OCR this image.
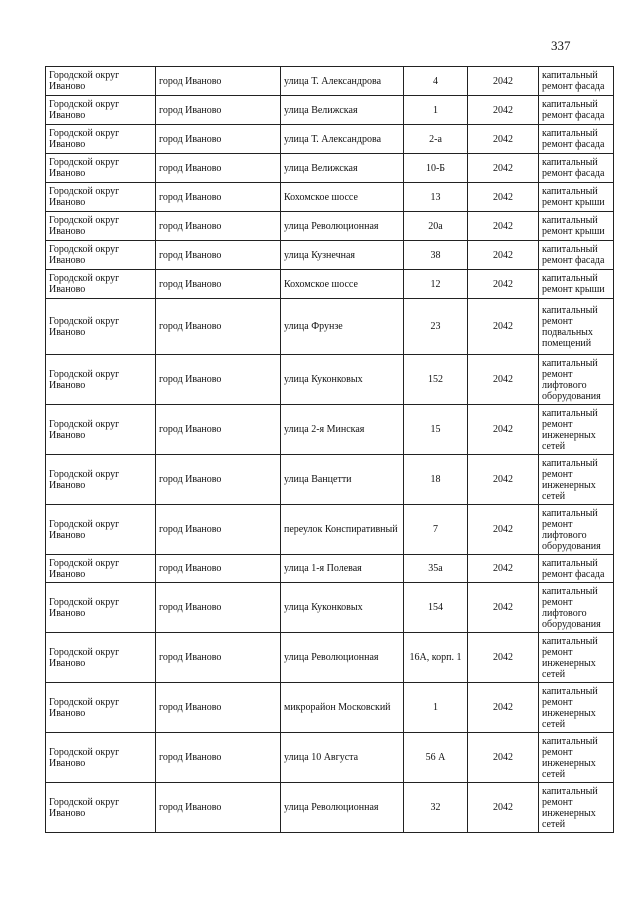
337
Городской округ Иваново	город Иваново	улица Т. Александрова	4	2042	капитальный ремонт фасада
Городской округ Иваново	город Иваново	улица Велижская	1	2042	капитальный ремонт фасада
Городской округ Иваново	город Иваново	улица Т. Александрова	2-а	2042	капитальный ремонт фасада
Городской округ Иваново	город Иваново	улица Велижская	10-Б	2042	капитальный ремонт фасада
Городской округ Иваново	город Иваново	Кохомское шоссе	13	2042	капитальный ремонт крыши
Городской округ Иваново	город Иваново	улица Революционная	20а	2042	капитальный ремонт крыши
Городской округ Иваново	город Иваново	улица Кузнечная	38	2042	капитальный ремонт фасада
Городской округ Иваново	город Иваново	Кохомское шоссе	12	2042	капитальный ремонт крыши
Городской округ Иваново	город Иваново	улица Фрунзе	23	2042	капитальный ремонт подвальных помещений
Городской округ Иваново	город Иваново	улица Куконковых	152	2042	капитальный ремонт лифтового оборудования
Городской округ Иваново	город Иваново	улица 2-я Минская	15	2042	капитальный ремонт инженерных сетей
Городской округ Иваново	город Иваново	улица Ванцетти	18	2042	капитальный ремонт инженерных сетей
Городской округ Иваново	город Иваново	переулок Конспиративный	7	2042	капитальный ремонт лифтового оборудования
Городской округ Иваново	город Иваново	улица 1-я Полевая	35а	2042	капитальный ремонт фасада
Городской округ Иваново	город Иваново	улица Куконковых	154	2042	капитальный ремонт лифтового оборудования
Городской округ Иваново	город Иваново	улица Революционная	16А, корп. 1	2042	капитальный ремонт инженерных сетей
Городской округ Иваново	город Иваново	микрорайон Московский	1	2042	капитальный ремонт инженерных сетей
Городской округ Иваново	город Иваново	улица 10 Августа	56 А	2042	капитальный ремонт инженерных сетей
Городской округ Иваново	город Иваново	улица Революционная	32	2042	капитальный ремонт инженерных сетей
